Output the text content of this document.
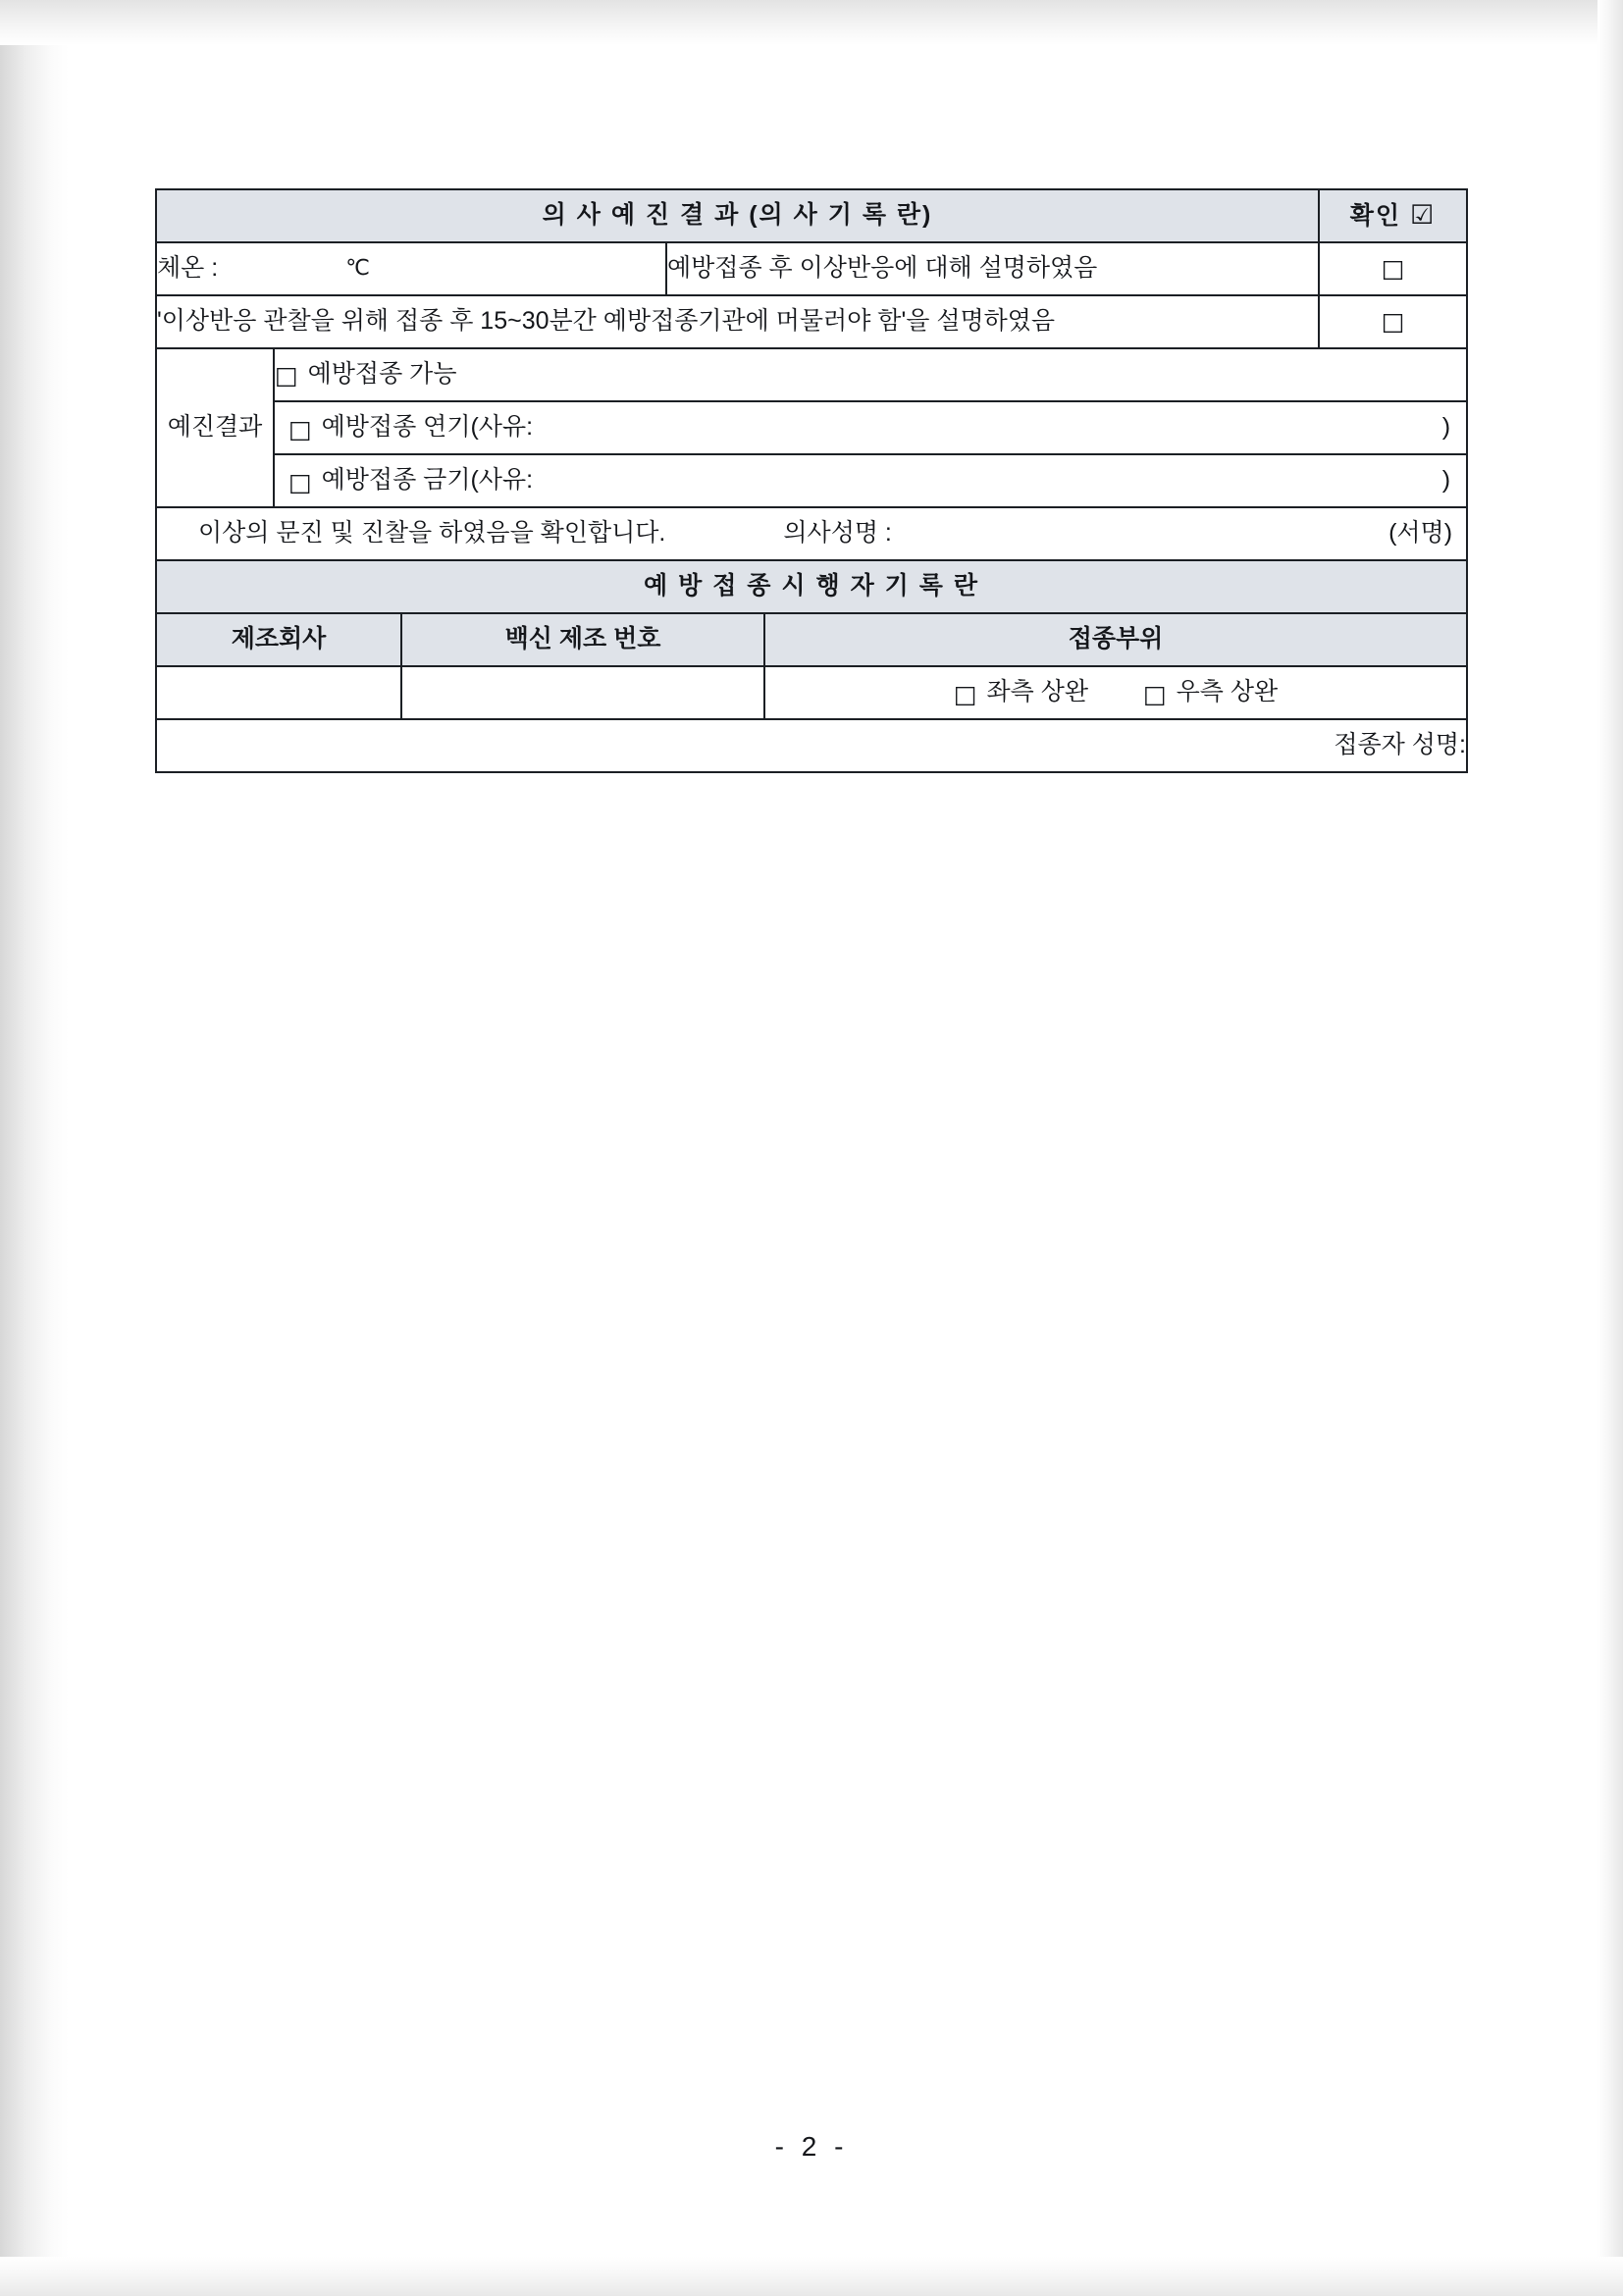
의 사 예 진 결 과 (의 사 기 록 란)					확인 ☑

체온 : ℃			예방접종 후 이상반응에 대해 설명하였음		□
'이상반응 관찰을 위해 접종 후 15~30분간 예방접종기관에 머물러야 함'을 설명하였음					□
예진결과	□ 예방접종 가능				

	□ 예방접종 연기(사유: )				

	□ 예방접종 금기(사유: )				

이상의 문진 및 진찰을 하였음을 확인합니다. 의사성명 : (서명)					

예 방 접 종 시 행 자 기 록 란					
제조회사		백신 제조 번호		접종부위	

				□ 좌측 상완 □ 우측 상완	

접종자 성명:					
- 2 -
